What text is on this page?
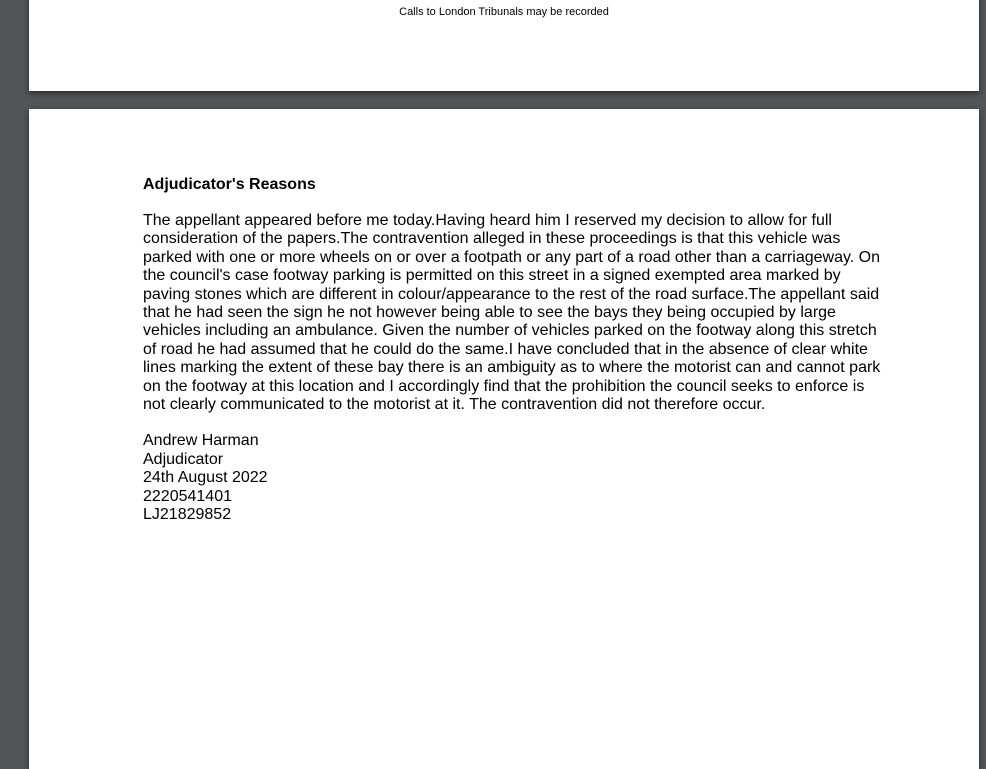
Calls to London Tribunals may be recorded
Adjudicator's Reasons

The appellant appeared before me today.Having heard him I reserved my decision to allow for full consideration of the papers.The contravention alleged in these proceedings is that this vehicle was parked with one or more wheels on or over a footpath or any part of a road other than a carriageway. On the council's case footway parking is permitted on this street in a signed exempted area marked by paving stones which are different in colour/appearance to the rest of the road surface.The appellant said that he had seen the sign he not however being able to see the bays they being occupied by large vehicles including an ambulance. Given the number of vehicles parked on the footway along this stretch of road he had assumed that he could do the same.I have concluded that in the absence of clear white lines marking the extent of these bay there is an ambiguity as to where the motorist can and cannot park on the footway at this location and I accordingly find that the prohibition the council seeks to enforce is not clearly communicated to the motorist at it. The contravention did not therefore occur.

Andrew Harman
Adjudicator
24th August 2022
2220541401
LJ21829852
